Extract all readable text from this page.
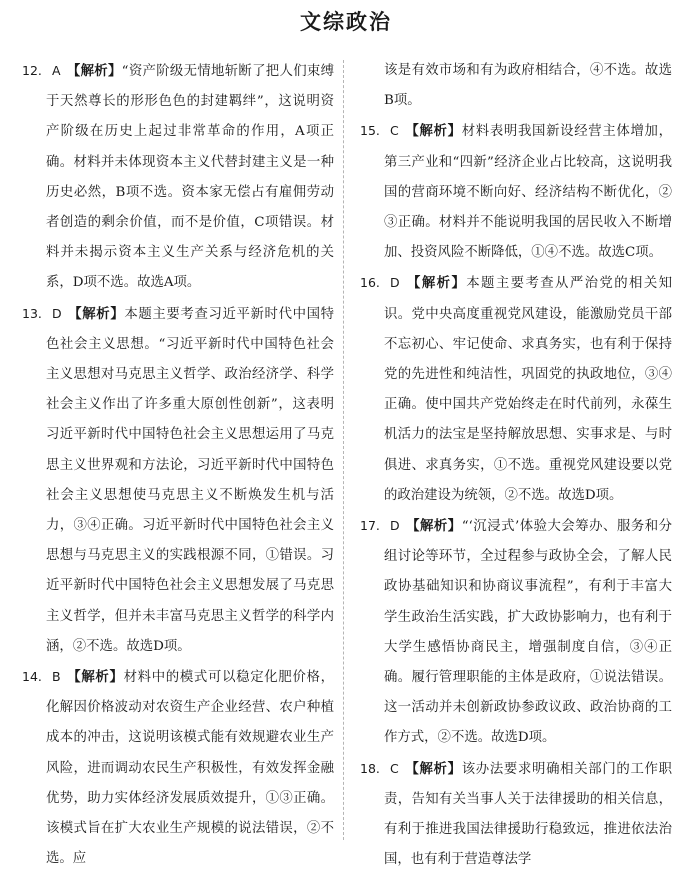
文综政治

12. A 【解析】“资产阶级无情地斩断了把人们束缚于天然尊长的形形色色的封建羁绊”，这说明资产阶级在历史上起过非常革命的作用，A项正确。材料并未体现资本主义代替封建主义是一种历史必然，B项不选。资本家无偿占有雇佣劳动者创造的剩余价值，而不是价值，C项错误。材料并未揭示资本主义生产关系与经济危机的关系，D项不选。故选A项。

13. D 【解析】本题主要考查习近平新时代中国特色社会主义思想。“习近平新时代中国特色社会主义思想对马克思主义哲学、政治经济学、科学社会主义作出了许多重大原创性创新”，这表明习近平新时代中国特色社会主义思想运用了马克思主义世界观和方法论，习近平新时代中国特色社会主义思想使马克思主义不断焕发生机与活力，③④正确。习近平新时代中国特色社会主义思想与马克思主义的实践根源不同，①错误。习近平新时代中国特色社会主义思想发展了马克思主义哲学，但并未丰富马克思主义哲学的科学内涵，②不选。故选D项。

14. B 【解析】材料中的模式可以稳定化肥价格，化解因价格波动对农资生产企业经营、农户种植成本的冲击，这说明该模式能有效规避农业生产风险，进而调动农民生产积极性，有效发挥金融优势，助力实体经济发展质效提升，①③正确。该模式旨在扩大农业生产规模的说法错误，②不选。应

该是有效市场和有为政府相结合，④不选。故选B项。

15. C 【解析】材料表明我国新设经营主体增加，第三产业和“四新”经济企业占比较高，这说明我国的营商环境不断向好、经济结构不断优化，②③正确。材料并不能说明我国的居民收入不断增加、投资风险不断降低，①④不选。故选C项。

16. D 【解析】本题主要考查从严治党的相关知识。党中央高度重视党风建设，能激励党员干部不忘初心、牢记使命、求真务实，也有利于保持党的先进性和纯洁性，巩固党的执政地位，③④正确。使中国共产党始终走在时代前列，永葆生机活力的法宝是坚持解放思想、实事求是、与时俱进、求真务实，①不选。重视党风建设要以党的政治建设为统领，②不选。故选D项。

17. D 【解析】“‘沉浸式’体验大会筹办、服务和分组讨论等环节，全过程参与政协全会，了解人民政协基础知识和协商议事流程”，有利于丰富大学生政治生活实践，扩大政协影响力，也有利于大学生感悟协商民主，增强制度自信，③④正确。履行管理职能的主体是政府，①说法错误。这一活动并未创新政协参政议政、政治协商的工作方式，②不选。故选D项。

18. C 【解析】该办法要求明确相关部门的工作职责，告知有关当事人关于法律援助的相关信息，有利于推进我国法律援助行稳致远，推进依法治国，也有利于营造尊法学
